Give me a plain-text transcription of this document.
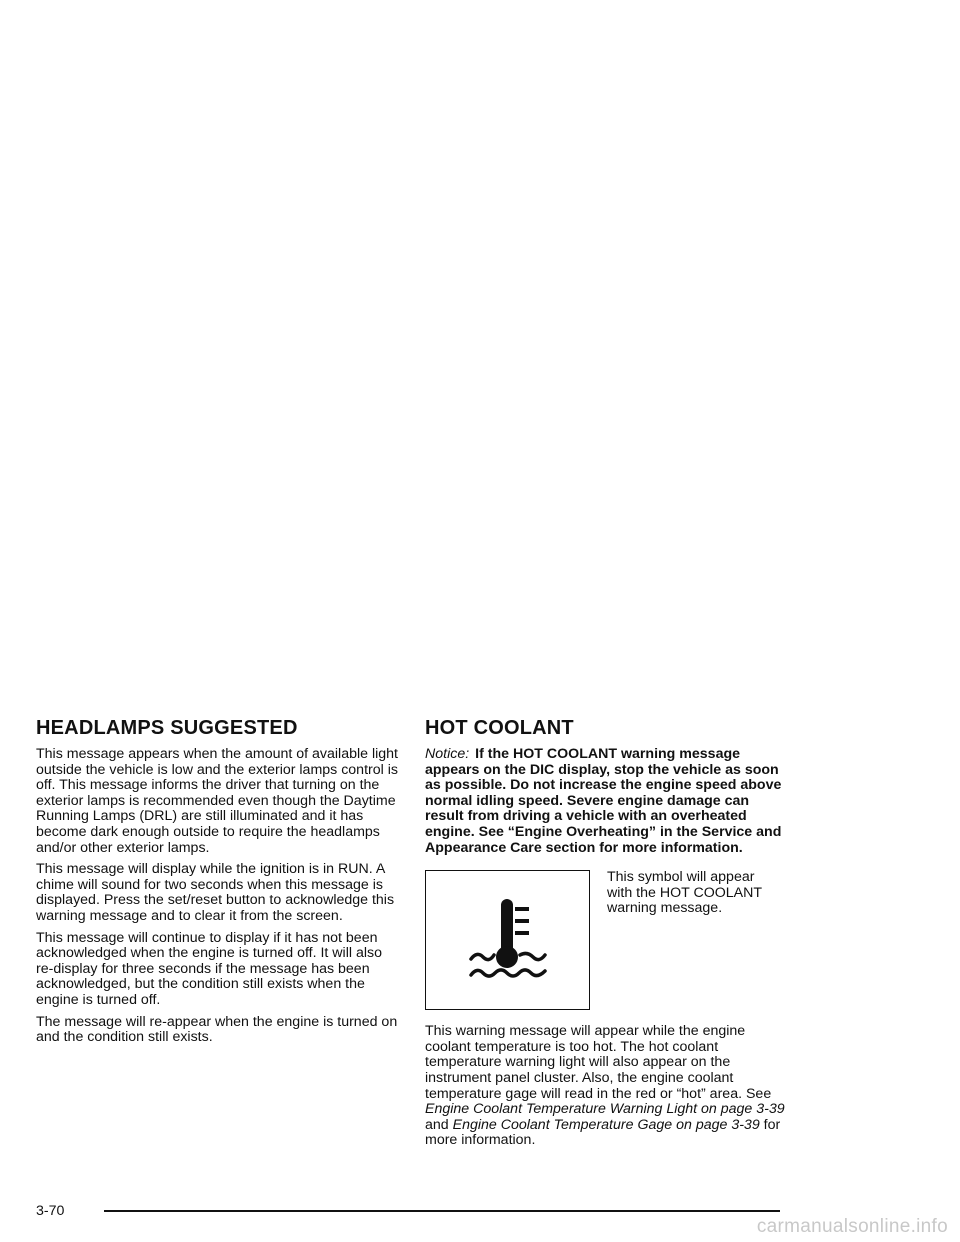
HEADLAMPS SUGGESTED

This message appears when the amount of available light outside the vehicle is low and the exterior lamps control is off. This message informs the driver that turning on the exterior lamps is recommended even though the Daytime Running Lamps (DRL) are still illuminated and it has become dark enough outside to require the headlamps and/or other exterior lamps.

This message will display while the ignition is in RUN. A chime will sound for two seconds when this message is displayed. Press the set/reset button to acknowledge this warning message and to clear it from the screen.

This message will continue to display if it has not been acknowledged when the engine is turned off. It will also re-display for three seconds if the message has been acknowledged, but the condition still exists when the engine is turned off.

The message will re-appear when the engine is turned on and the condition still exists.

HOT COOLANT

Notice: If the HOT COOLANT warning message appears on the DIC display, stop the vehicle as soon as possible. Do not increase the engine speed above normal idling speed. Severe engine damage can result from driving a vehicle with an overheated engine. See “Engine Overheating” in the Service and Appearance Care section for more information.

This symbol will appear with the HOT COOLANT warning message.

This warning message will appear while the engine coolant temperature is too hot. The hot coolant temperature warning light will also appear on the instrument panel cluster. Also, the engine coolant temperature gage will read in the red or “hot” area. See Engine Coolant Temperature Warning Light on page 3-39 and Engine Coolant Temperature Gage on page 3-39 for more information.

3-70
carmanualsonline.info
